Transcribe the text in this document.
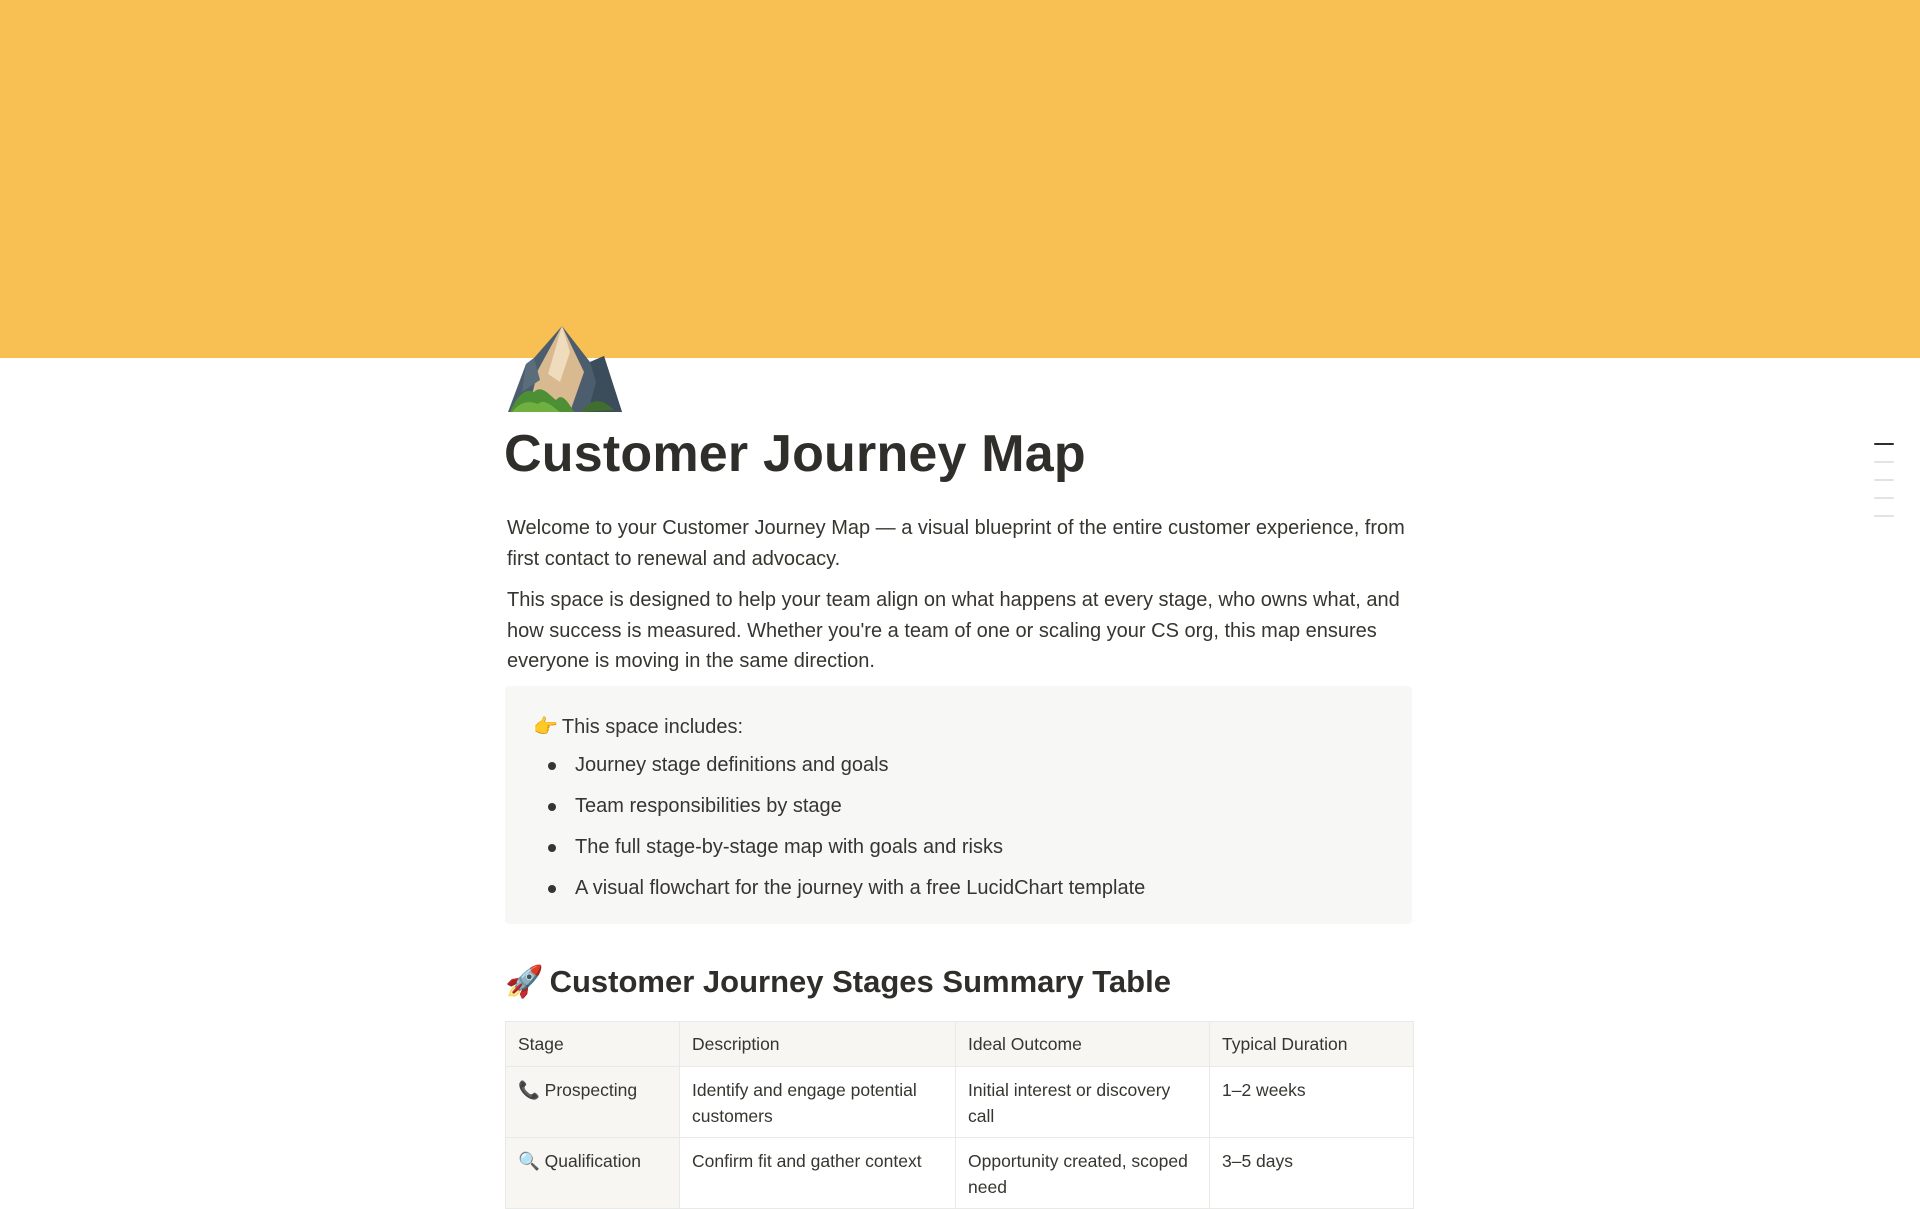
Customer Journey Map

Welcome to your Customer Journey Map — a visual blueprint of the entire customer experience, from first contact to renewal and advocacy.

This space is designed to help your team align on what happens at every stage, who owns what, and how success is measured. Whether you're a team of one or scaling your CS org, this map ensures everyone is moving in the same direction.

👉 This space includes:
Journey stage definitions and goals
Team responsibilities by stage
The full stage-by-stage map with goals and risks
A visual flowchart for the journey with a free LucidChart template
🚀 Customer Journey Stages Summary Table
Stage	Description	Ideal Outcome	Typical Duration
📞 Prospecting	Identify and engage potential customers	Initial interest or discovery call	1–2 weeks
🔍 Qualification	Confirm fit and gather context	Opportunity created, scoped need	3–5 days
